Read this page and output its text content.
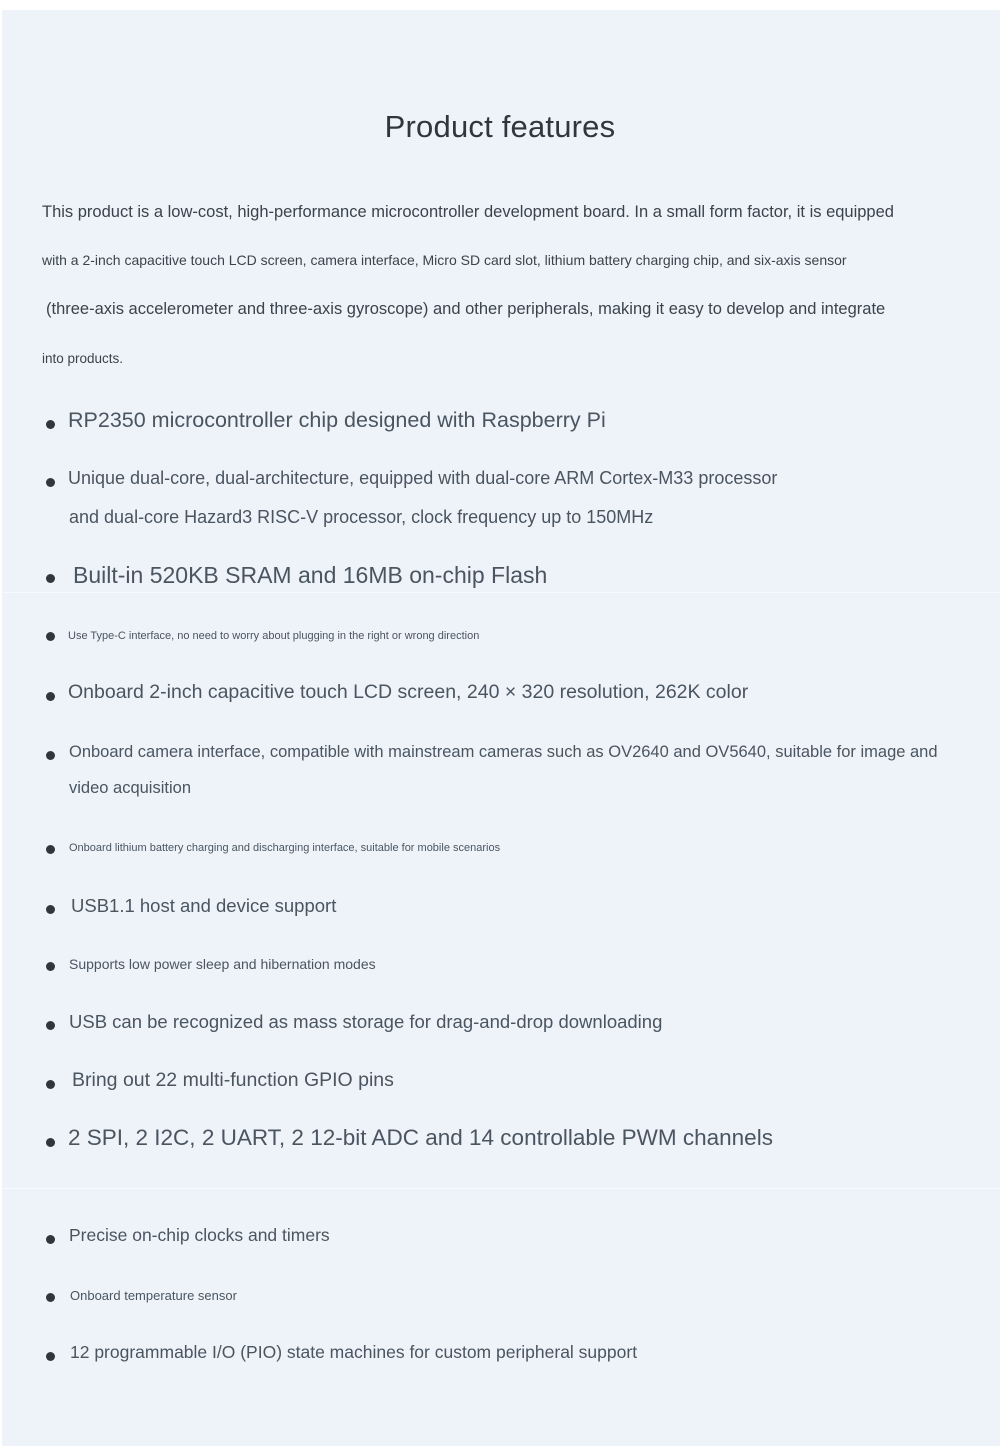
Product features
This product is a low-cost, high-performance microcontroller development board. In a small form factor, it is equipped
with a 2-inch capacitive touch LCD screen, camera interface, Micro SD card slot, lithium battery charging chip, and six-axis sensor
(three-axis accelerometer and three-axis gyroscope) and other peripherals, making it easy to develop and integrate
into products.
RP2350 microcontroller chip designed with Raspberry Pi
Unique dual-core, dual-architecture, equipped with dual-core ARM Cortex-M33 processor
and dual-core Hazard3 RISC-V processor, clock frequency up to 150MHz
Built-in 520KB SRAM and 16MB on-chip Flash
Use Type-C interface, no need to worry about plugging in the right or wrong direction
Onboard 2-inch capacitive touch LCD screen, 240 × 320 resolution, 262K color
Onboard camera interface, compatible with mainstream cameras such as OV2640 and OV5640, suitable for image and
video acquisition
Onboard lithium battery charging and discharging interface, suitable for mobile scenarios
USB1.1 host and device support
Supports low power sleep and hibernation modes
USB can be recognized as mass storage for drag-and-drop downloading
Bring out 22 multi-function GPIO pins
2 SPI, 2 I2C, 2 UART, 2 12-bit ADC and 14 controllable PWM channels
Precise on-chip clocks and timers
Onboard temperature sensor
12 programmable I/O (PIO) state machines for custom peripheral support
